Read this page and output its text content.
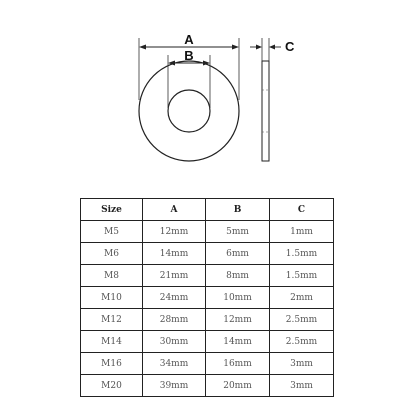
A
B
C
Size	A	B	C
M5	12mm	5mm	1mm
M6	14mm	6mm	1.5mm
M8	21mm	8mm	1.5mm
M10	24mm	10mm	2mm
M12	28mm	12mm	2.5mm
M14	30mm	14mm	2.5mm
M16	34mm	16mm	3mm
M20	39mm	20mm	3mm
